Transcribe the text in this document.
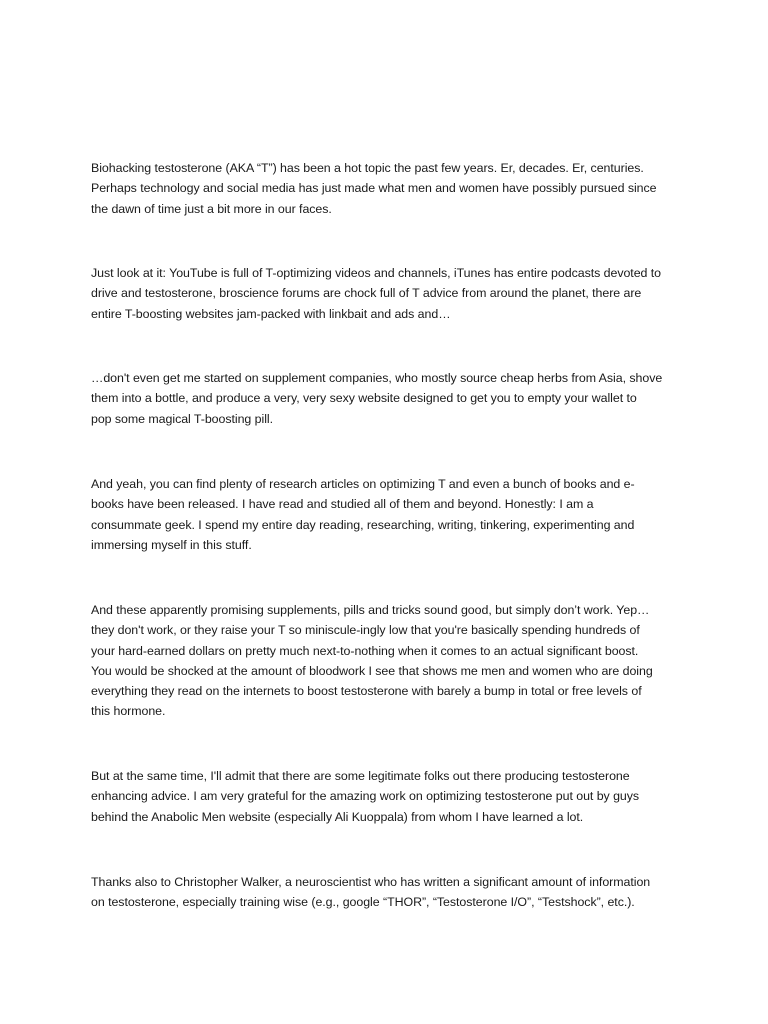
Biohacking testosterone (AKA “T”) has been a hot topic the past few years. Er, decades. Er, centuries.
Perhaps technology and social media has just made what men and women have possibly pursued since
the dawn of time just a bit more in our faces.

Just look at it: YouTube is full of T-optimizing videos and channels, iTunes has entire podcasts devoted to
drive and testosterone, broscience forums are chock full of T advice from around the planet, there are
entire T-boosting websites jam-packed with linkbait and ads and…

…don't even get me started on supplement companies, who mostly source cheap herbs from Asia, shove
them into a bottle, and produce a very, very sexy website designed to get you to empty your wallet to
pop some magical T-boosting pill.

And yeah, you can find plenty of research articles on optimizing T and even a bunch of books and e-
books have been released. I have read and studied all of them and beyond. Honestly: I am a
consummate geek. I spend my entire day reading, researching, writing, tinkering, experimenting and
immersing myself in this stuff.

And these apparently promising supplements, pills and tricks sound good, but simply don’t work. Yep…
they don't work, or they raise your T so miniscule-ingly low that you're basically spending hundreds of
your hard-earned dollars on pretty much next-to-nothing when it comes to an actual significant boost.
You would be shocked at the amount of bloodwork I see that shows me men and women who are doing
everything they read on the internets to boost testosterone with barely a bump in total or free levels of
this hormone.

But at the same time, I'll admit that there are some legitimate folks out there producing testosterone
enhancing advice. I am very grateful for the amazing work on optimizing testosterone put out by guys
behind the Anabolic Men website (especially Ali Kuoppala) from whom I have learned a lot.

Thanks also to Christopher Walker, a neuroscientist who has written a significant amount of information
on testosterone, especially training wise (e.g., google “THOR”, “Testosterone I/O”, “Testshock”, etc.).
